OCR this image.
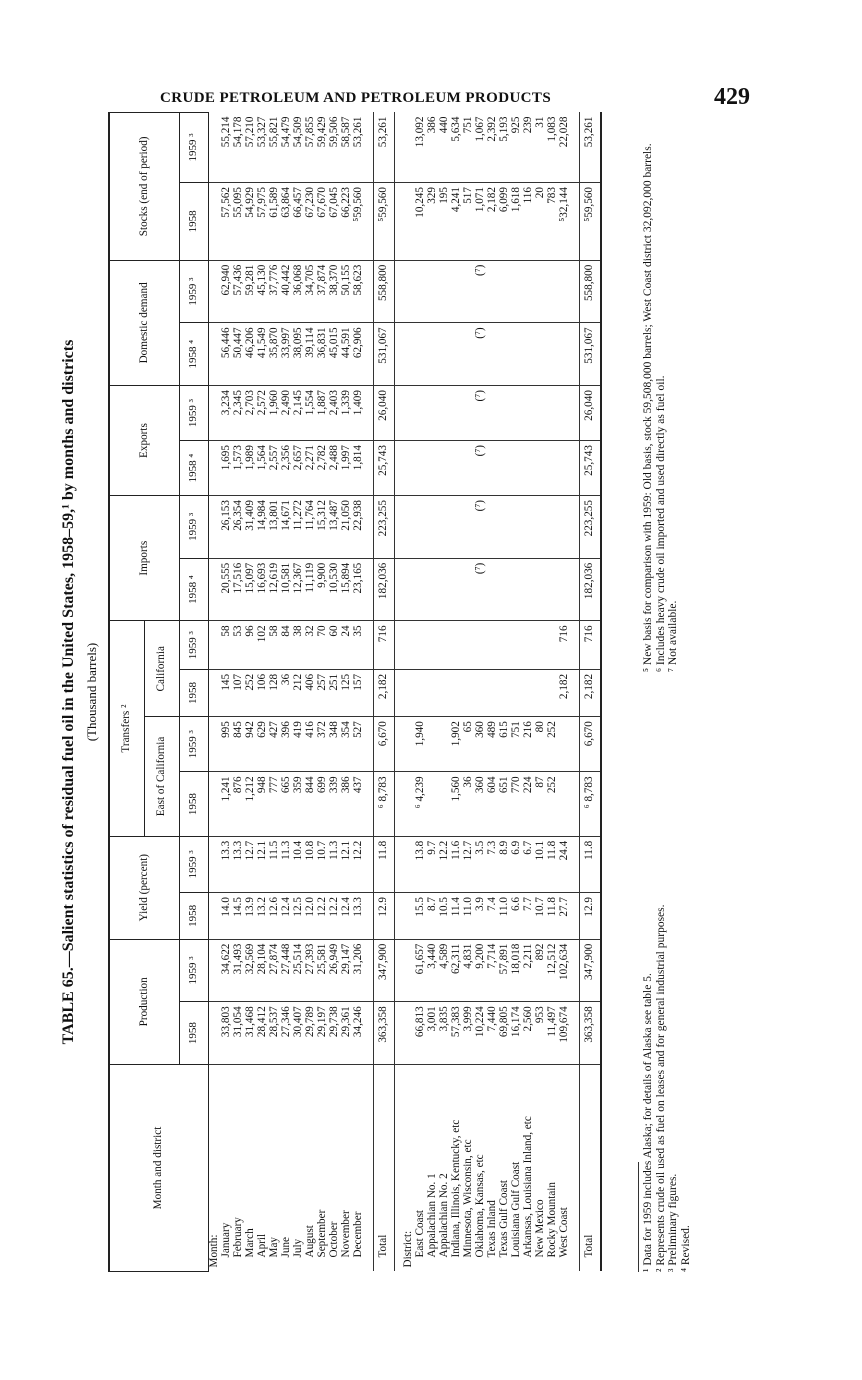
CRUDE PETROLEUM AND PETROLEUM PRODUCTS	429
TABLE 65.—Salient statistics of residual fuel oil in the United States, 1958–59,¹ by months and districts (Thousand barrels)
Month and district	Production		Yield (percent)		Transfers ²				Imports		Exports		Domestic demand		Stocks (end of period)	
					East of California		California									
	1958	1959 ³	1958	1959 ³	1958	1959 ³	1958	1959 ³	1958 ⁴	1959 ³	1958 ⁴	1959 ³	1958 ⁴	1959 ³	1958	1959 ³
Month:																
January	33,803	34,622	14.0	13.3	1,241	995	145	58	20,555	26,153	1,695	3,234	56,446	62,940	57,562	55,214
February	31,054	31,493	14.5	13.3	876	845	107	53	17,516	26,354	1,573	2,345	50,447	57,436	55,095	54,178
March	31,468	32,569	13.9	12.7	1,212	942	252	96	15,097	31,409	1,989	2,703	46,206	59,281	54,929	57,210
April	28,412	28,104	13.2	12.1	948	629	106	102	16,693	14,984	1,564	2,572	41,549	45,130	57,975	53,327
May	28,537	27,874	12.6	11.5	777	427	128	58	12,619	13,801	2,557	1,960	35,870	37,776	61,589	55,821
June	27,346	27,448	12.4	11.3	665	396	36	84	10,581	14,671	2,356	2,490	33,997	40,442	63,864	54,479
July	30,407	25,514	12.5	10.4	359	419	212	38	12,367	11,272	2,657	2,145	38,095	36,068	66,457	54,509
August	29,789	27,393	12.0	10.8	844	416	406	32	11,119	11,764	2,271	1,554	39,114	34,705	67,230	57,855
September	29,197	25,581	12.2	10.7	699	372	257	70	9,900	15,312	2,782	1,887	36,831	37,874	67,670	59,429
October	29,738	26,949	12.2	11.3	339	348	251	60	10,530	13,487	2,488	2,403	45,015	38,370	67,045	59,506
November	29,361	29,147	12.4	12.1	386	354	125	24	15,894	21,050	1,997	1,339	44,591	50,155	66,223	58,587
December	34,246	31,206	13.3	12.2	437	527	157	35	23,165	22,938	1,814	1,409	62,906	58,623	⁵59,560	53,261

Total	363,358	347,900	12.9	11.8	⁶ 8,783	6,670	2,182	716	182,036	223,255	25,743	26,040	531,067	558,800	⁵59,560	53,261

District:																
East Coast	66,813	61,657	15.5	13.8	⁶ 4,239	1,940									10,245	13,092
Appalachian No. 1	3,001	3,440	8.7	9.7											329	386
Appalachian No. 2	3,835	4,589	10.5	12.2											195	440
Indiana, Illinois, Kentucky, etc	57,383	62,311	11.4	11.6	1,560	1,902									4,241	5,634
Minnesota, Wisconsin, etc	3,999	4,831	11.0	12.7	36	65									517	751
Oklahoma, Kansas, etc	10,224	9,200	3.9	3.5	360	360			(⁷)	(⁷)	(⁷)	(⁷)	(⁷)	(⁷)	1,071	1,067
Texas Inland	7,440	7,714	7.4	7.3	604	489									2,182	2,392
Texas Gulf Coast	69,805	57,891	11.0	8.9	651	615									6,099	5,193
Louisiana Gulf Coast	16,174	18,018	6.6	6.9	770	751									1,618	925
Arkansas, Louisiana Inland, etc	2,560	2,211	7.7	6.7	224	216									116	239
New Mexico	953	892	10.7	10.1	87	80									20	31
Rocky Mountain	11,497	12,512	11.8	11.8	252	252									783	1,083
West Coast	109,674	102,634	27.7	24.4			2,182	716							⁵32,144	22,028

Total	363,358	347,900	12.9	11.8	⁶ 8,783	6,670	2,182	716	182,036	223,255	25,743	26,040	531,067	558,800	⁵59,560	53,261

¹ Data for 1959 includes Alaska; for details of Alaska see table 5. ² Represents crude oil used as fuel on leases and for general industrial purposes. ³ Preliminary figures. ⁴ Revised.

⁵ New basis for comparison with 1959: Old basis, stock 59,508,000 barrels; West Coast district 32,092,000 barrels. ⁶ Includes heavy crude oil imported and used directly as fuel oil. ⁷ Not available.
